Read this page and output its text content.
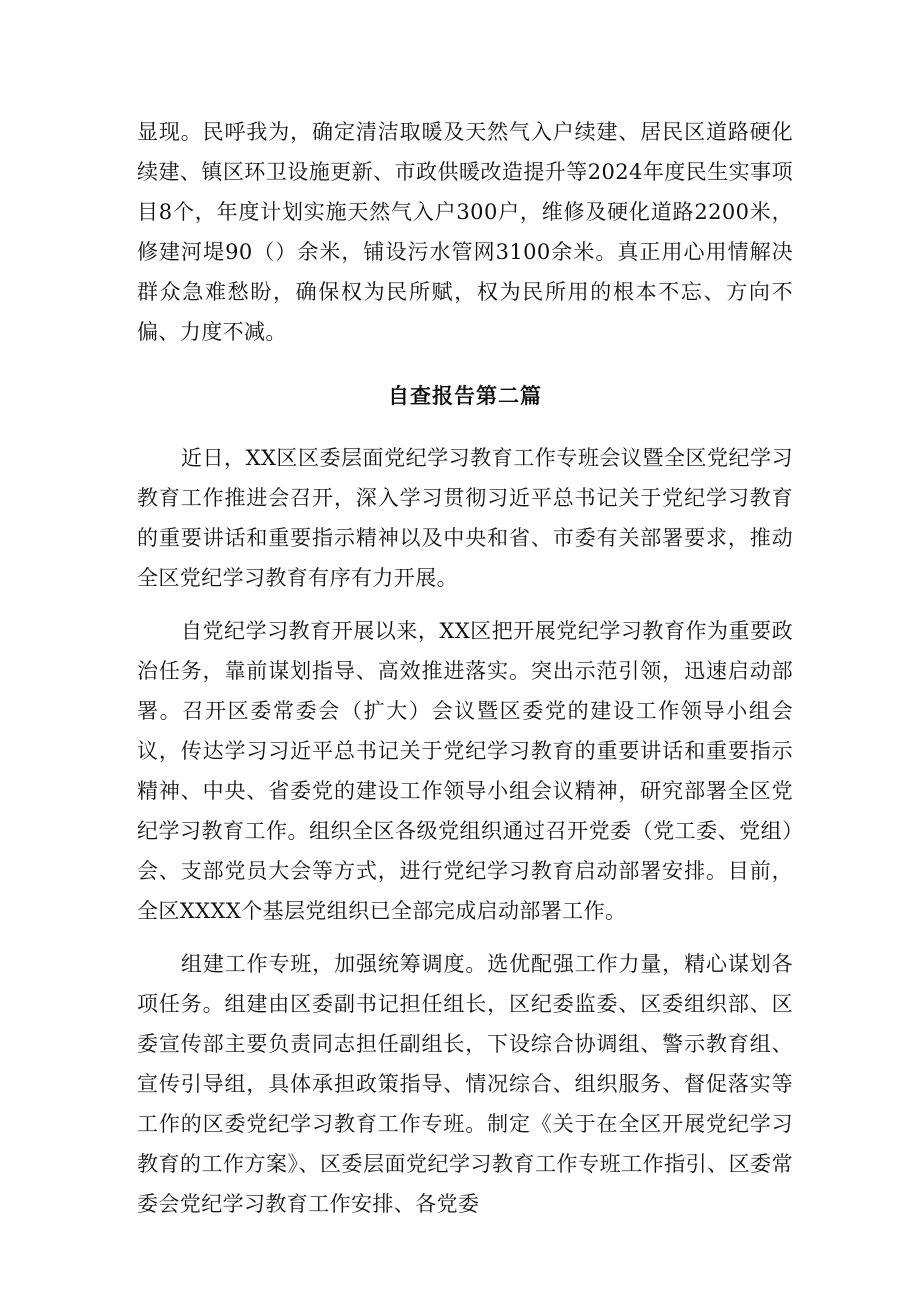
显现。民呼我为，确定清洁取暖及天然气入户续建、居民区道路硬化续建、镇区环卫设施更新、市政供暖改造提升等2024年度民生实事项目8个，年度计划实施天然气入户300户，维修及硬化道路2200米，修建河堤90（）余米，铺设污水管网3100余米。真正用心用情解决群众急难愁盼，确保权为民所赋，权为民所用的根本不忘、方向不偏、力度不减。

自查报告第二篇

近日，XX区区委层面党纪学习教育工作专班会议暨全区党纪学习教育工作推进会召开，深入学习贯彻习近平总书记关于党纪学习教育的重要讲话和重要指示精神以及中央和省、市委有关部署要求，推动全区党纪学习教育有序有力开展。

自党纪学习教育开展以来，XX区把开展党纪学习教育作为重要政治任务，靠前谋划指导、高效推进落实。突出示范引领，迅速启动部署。召开区委常委会（扩大）会议暨区委党的建设工作领导小组会议，传达学习习近平总书记关于党纪学习教育的重要讲话和重要指示精神、中央、省委党的建设工作领导小组会议精神，研究部署全区党纪学习教育工作。组织全区各级党组织通过召开党委（党工委、党组）会、支部党员大会等方式，进行党纪学习教育启动部署安排。目前，全区XXXX个基层党组织已全部完成启动部署工作。

组建工作专班，加强统筹调度。选优配强工作力量，精心谋划各项任务。组建由区委副书记担任组长，区纪委监委、区委组织部、区委宣传部主要负责同志担任副组长，下设综合协调组、警示教育组、宣传引导组，具体承担政策指导、情况综合、组织服务、督促落实等工作的区委党纪学习教育工作专班。制定《关于在全区开展党纪学习教育的工作方案》、区委层面党纪学习教育工作专班工作指引、区委常委会党纪学习教育工作安排、各党委
